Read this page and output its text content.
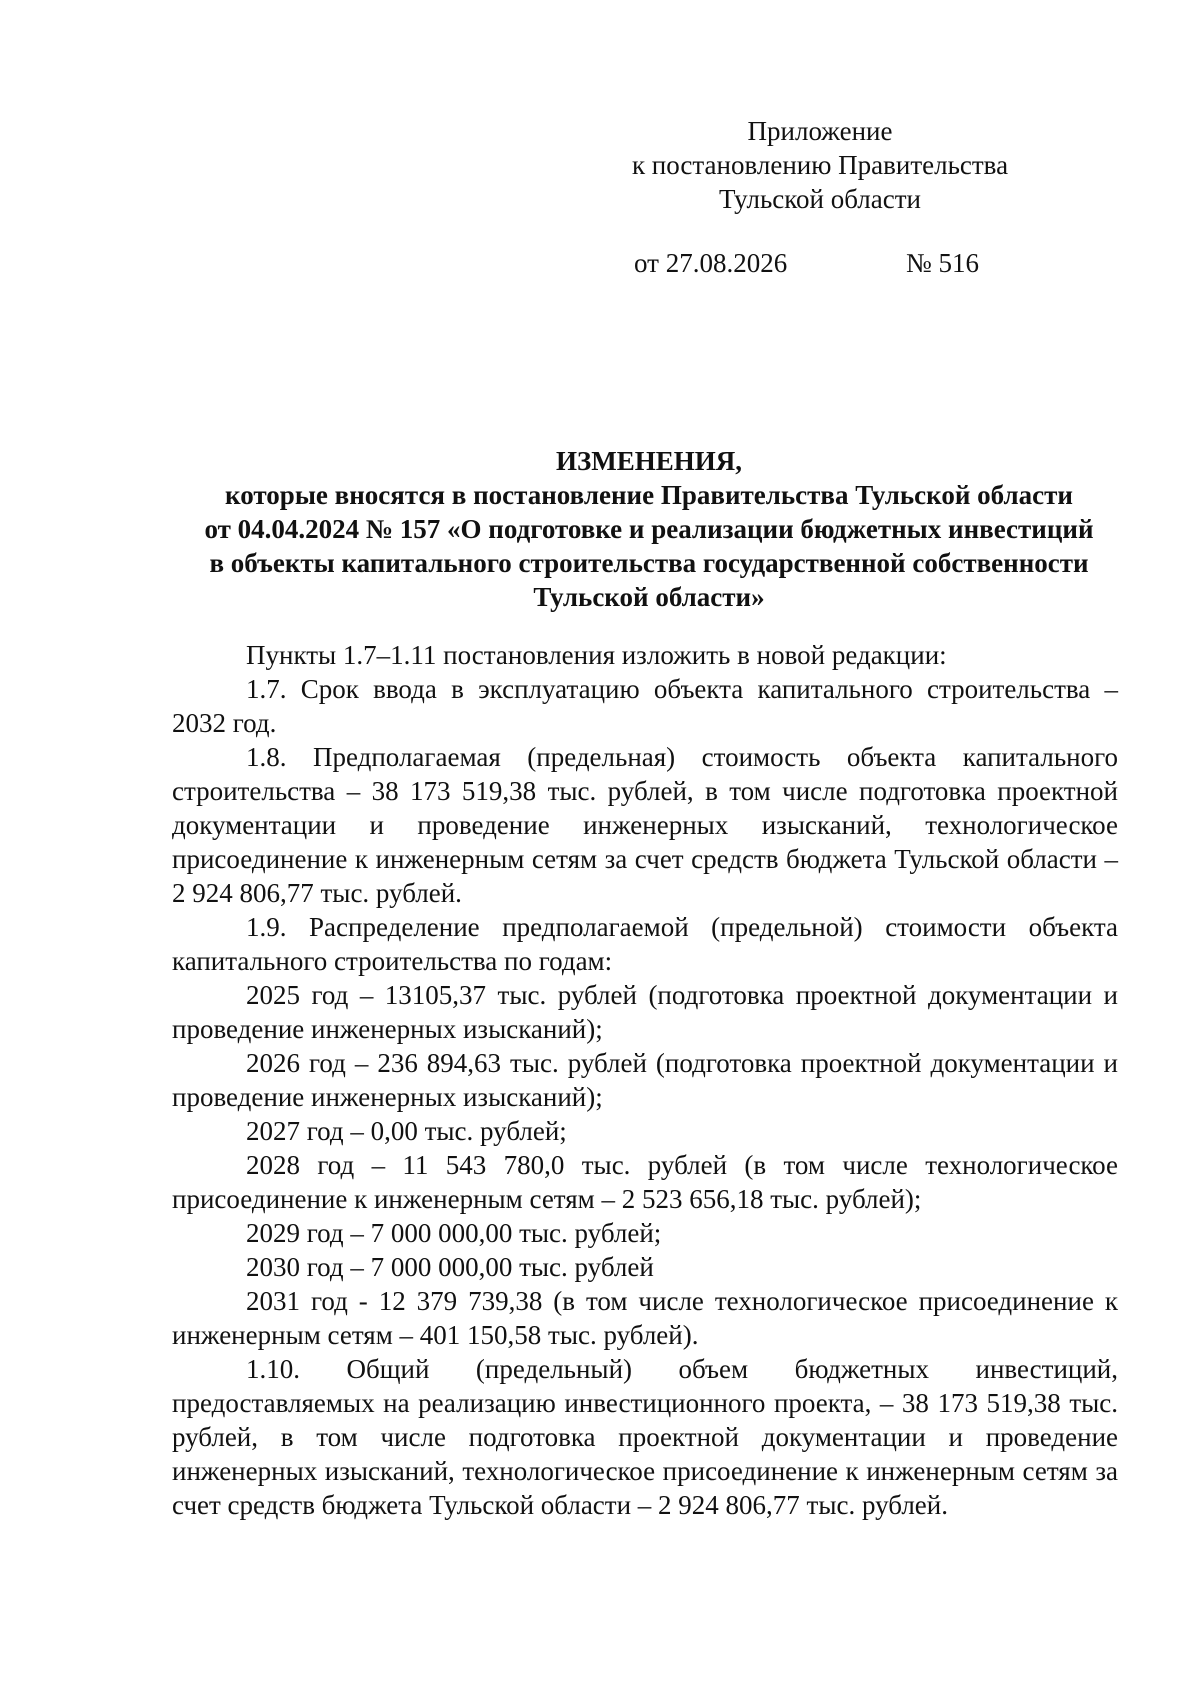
Приложение
к постановлению Правительства
Тульской области
от 27.08.2026	№ 516
ИЗМЕНЕНИЯ,
которые вносятся в постановление Правительства Тульской области
от 04.04.2024 № 157 «О подготовке и реализации бюджетных инвестиций
в объекты капитального строительства государственной собственности
Тульской области»

Пункты 1.7–1.11 постановления изложить в новой редакции:

1.7. Срок ввода в эксплуатацию объекта капитального строительства – 2032 год.

1.8. Предполагаемая (предельная) стоимость объекта капитального строительства – 38 173 519,38 тыс. рублей, в том числе подготовка проектной документации и проведение инженерных изысканий, технологическое присоединение к инженерным сетям за счет средств бюджета Тульской области – 2 924 806,77 тыс. рублей.

1.9. Распределение предполагаемой (предельной) стоимости объекта капитального строительства по годам:

2025 год – 13105,37 тыс. рублей (подготовка проектной документации и проведение инженерных изысканий);

2026 год – 236 894,63 тыс. рублей (подготовка проектной документации и проведение инженерных изысканий);

2027 год – 0,00 тыс. рублей;

2028 год – 11 543 780,0 тыс. рублей (в том числе технологическое присоединение к инженерным сетям – 2 523 656,18 тыс. рублей);

2029 год – 7 000 000,00 тыс. рублей;

2030 год – 7 000 000,00 тыс. рублей

2031 год - 12 379 739,38 (в том числе технологическое присоединение к инженерным сетям – 401 150,58 тыс. рублей).

1.10. Общий (предельный) объем бюджетных инвестиций, предоставляемых на реализацию инвестиционного проекта, – 38 173 519,38 тыс. рублей, в том числе подготовка проектной документации и проведение инженерных изысканий, технологическое присоединение к инженерным сетям за счет средств бюджета Тульской области – 2 924 806,77 тыс. рублей.
